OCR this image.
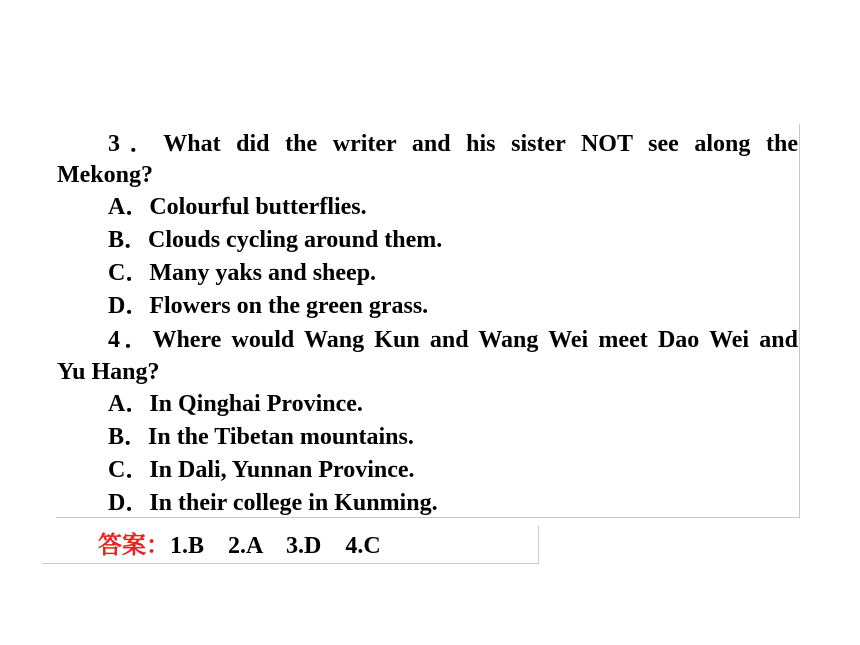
3．What did the writer and his sister NOT see along the
Mekong?
A．Colourful butterflies.
B．Clouds cycling around them.
C．Many yaks and sheep.
D．Flowers on the green grass.
4．Where would Wang Kun and Wang Wei meet Dao Wei and
Yu Hang?
A．In Qinghai Province.
B．In the Tibetan mountains.
C．In Dali, Yunnan Province.
D．In their college in Kunming.
答案：1.B　2.A　3.D　4.C
